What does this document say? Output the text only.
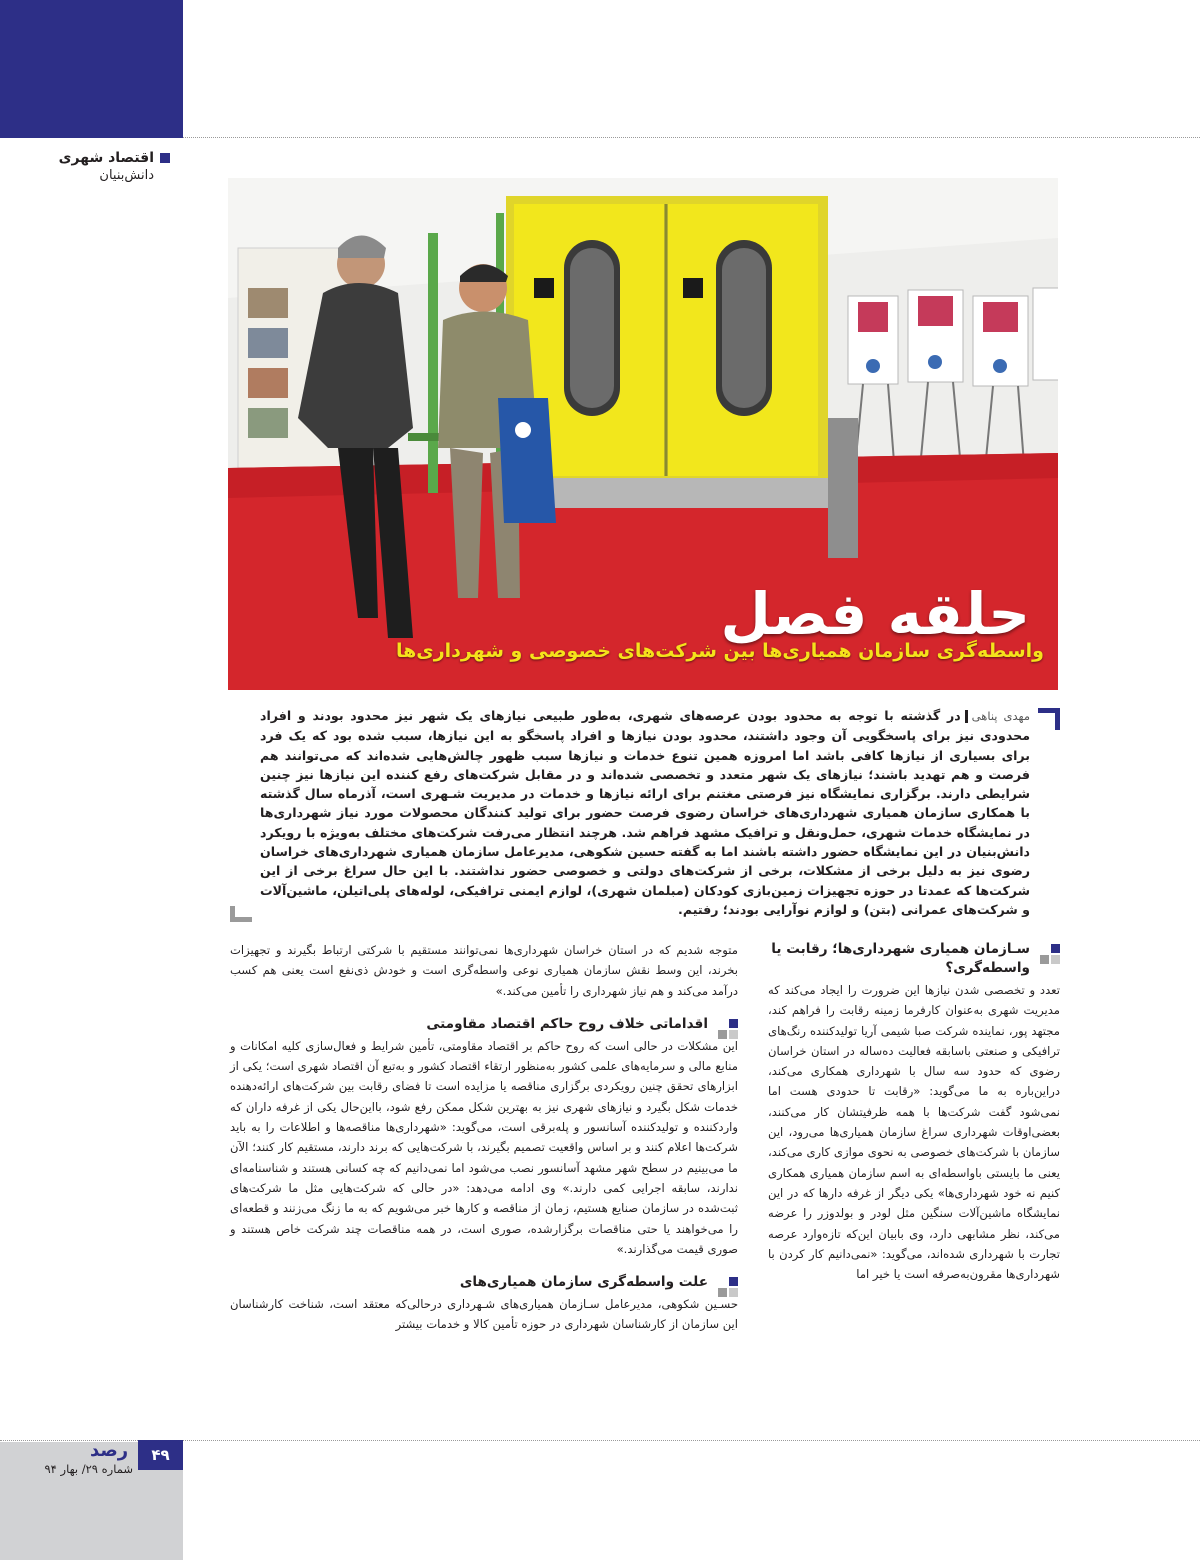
اقتصاد شهری
دانش‌بنیان
حلقه فصل
واسطه‌گری سازمان همیاری‌ها بین شرکت‌های خصوصی و شهرداری‌ها

مهدی پناهیدر گذشته با توجه به محدود بودن عرصه‌های شهری، به‌طور طبیعی نیازهای یک شهر نیز محدود بودند و افراد محدودی نیز برای پاسخگویی آن وجود داشتند، محدود بودن نیازها و افراد پاسخگو به این نیازها، سبب شده بود که یک فرد برای بسیاری از نیازها کافی باشد اما امروزه همین تنوع خدمات و نیازها سبب ظهور چالش‌هایی شده‌اند که می‌توانند هم فرصت و هم تهدید باشند؛ نیازهای یک شهر متعدد و تخصصی شده‌اند و در مقابل شرکت‌های رفع کننده این نیازها نیز چنین شرایطی دارند. برگزاری نمایشگاه نیز فرصتی مغتنم برای ارائه نیازها و خدمات در مدیریت شـهری است، آذرماه سال گذشته با همکاری سازمان همیاری شهرداری‌های خراسان رضوی فرصت حضور برای تولید کنندگان محصولات مورد نیاز شهرداری‌ها در نمایشگاه خدمات شهری، حمل‌ونقل و ترافیک مشهد فراهم شد. هرچند انتظار می‌رفت شرکت‌های مختلف به‌ویژه با رویکرد دانش‌بنیان در این نمایشگاه حضور داشته باشند اما به گفته حسین شکوهی، مدیرعامل سازمان همیاری شهرداری‌های خراسان رضوی نیز به دلیل برخی از مشکلات، برخی از شرکت‌های دولتی و خصوصی حضور نداشتند. با این حال سراغ برخی از این شرکت‌ها که عمدتا در حوزه تجهیزات زمین‌بازی کودکان (مبلمان شهری)، لوازم ایمنی ترافیکی، لوله‌های پلی‌اتیلن، ماشین‌آلات و شرکت‌های عمرانی (بتن) و لوازم نوآرایی بودند؛ رفتیم.

سـازمان همیاری شهرداری‌ها؛ رقابت یا واسطه‌گری؟

تعدد و تخصصی شدن نیازها این ضرورت را ایجاد می‌کند که مدیریت شهری به‌عنوان کارفرما زمینه رقابت را فراهم کند، مجتهد پور، نماینده شرکت صبا شیمی آریا تولیدکننده رنگ‌های ترافیکی و صنعتی باسابقه فعالیت ده‌ساله در استان خراسان رضوی که حدود سه سال با شهرداری همکاری می‌کند، دراین‌باره به ما می‌گوید: «رقابت تا حدودی هست اما نمی‌شود گفت شرکت‌ها با همه ظرفیتشان کار می‌کنند، بعضی‌اوقات شهرداری سراغ سازمان همیاری‌ها می‌رود، این سازمان با شرکت‌های خصوصی به نحوی موازی کاری می‌کند، یعنی ما بایستی باواسطه‌ای به اسم سازمان همیاری همکاری کنیم نه خود شهرداری‌ها» یکی دیگر از غرفه دارها که در این نمایشگاه ماشین‌آلات سنگین مثل لودر و بولدوزر را عرضه می‌کند، نظر مشابهی دارد، وی بابیان این‌که تازه‌وارد عرصه تجارت با شهرداری شده‌اند، می‌گوید: «نمی‌دانیم کار کردن با شهرداری‌ها مقرون‌به‌صرفه است یا خیر اما

متوجه شدیم که در استان خراسان شهرداری‌ها نمی‌توانند مستقیم با شرکتی ارتباط بگیرند و تجهیزات بخرند، این وسط نقش سازمان همیاری نوعی واسطه‌گری است و خودش ذی‌نفع است یعنی هم کسب درآمد می‌کند و هم نیاز شهرداری را تأمین می‌کند.»

اقداماتی خلاف روح حاکم اقتصاد مقاومتی

این مشکلات در حالی است که روح حاکم بر اقتصاد مقاومتی، تأمین شرایط و فعال‌سازی کلیه امکانات و منابع مالی و سرمایه‌های علمی کشور به‌منظور ارتقاء اقتصاد کشور و به‌تبع آن اقتصاد شهری است؛ یکی از ابزارهای تحقق چنین رویکردی برگزاری مناقصه یا مزایده است تا فضای رقابت بین شرکت‌های ارائه‌دهنده خدمات شکل بگیرد و نیازهای شهری نیز به بهترین شکل ممکن رفع شود، بااین‌حال یکی از غرفه داران که واردکننده و تولیدکننده آسانسور و پله‌برقی است، می‌گوید: «شهرداری‌ها مناقصه‌ها و اطلاعات را به باید شرکت‌ها اعلام کنند و بر اساس واقعیت تصمیم بگیرند، با شرکت‌هایی که برند دارند، مستقیم کار کنند؛ الآن ما می‌بینیم در سطح شهر مشهد آسانسور نصب می‌شود اما نمی‌دانیم که چه کسانی هستند و شناسنامه‌ای ندارند، سابقه اجرایی کمی دارند.» وی ادامه می‌دهد: «در حالی که شرکت‌هایی مثل ما شرکت‌های ثبت‌شده در سازمان صنایع هستیم، زمان از مناقصه و کارها خبر می‌شویم که به ما زنگ می‌زنند و قطعه‌ای را می‌خواهند یا حتی مناقصات برگزارشده، صوری است، در همه مناقصات چند شرکت خاص هستند و صوری قیمت می‌گذارند.»

علت واسطه‌گری سازمان همیاری‌های

حسـین شکوهی، مدیرعامل سـازمان همیاری‌های شـهرداری درحالی‌که معتقد است، شناخت کارشناسان این سازمان از کارشناسان شهرداری در حوزه تأمین کالا و خدمات بیشتر

۴۹
رصد
شماره ۲۹/ بهار ۹۴
